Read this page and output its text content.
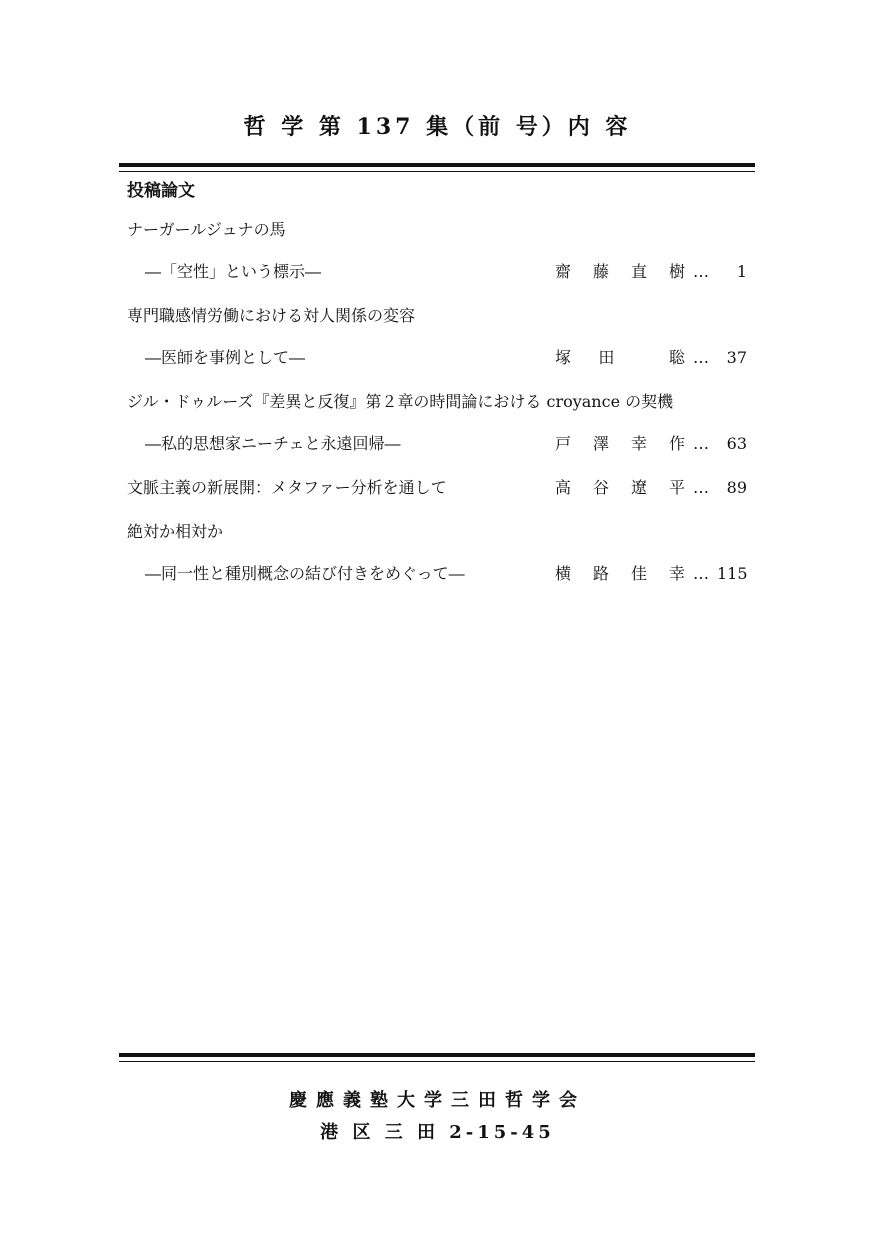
哲 学 第 137 集（前 号）内 容
投稿論文
ナーガールジュナの馬
―「空性」という標示―	齋 藤 直 樹 …	1
専門職感情労働における対人関係の変容
―医師を事例として―	塚 田	聡 …	37
ジル・ドゥルーズ『差異と反復』第２章の時間論における croyance の契機
―私的思想家ニーチェと永遠回帰―	戸 澤 幸 作 …	63
文脈主義の新展開：メタファー分析を通して	高 谷 遼 平 …	89
絶対か相対か
―同一性と種別概念の結び付きをめぐって―	横 路 佳 幸 … 115
慶應義塾大学三田哲学会
港 区 三 田 2-15-45
